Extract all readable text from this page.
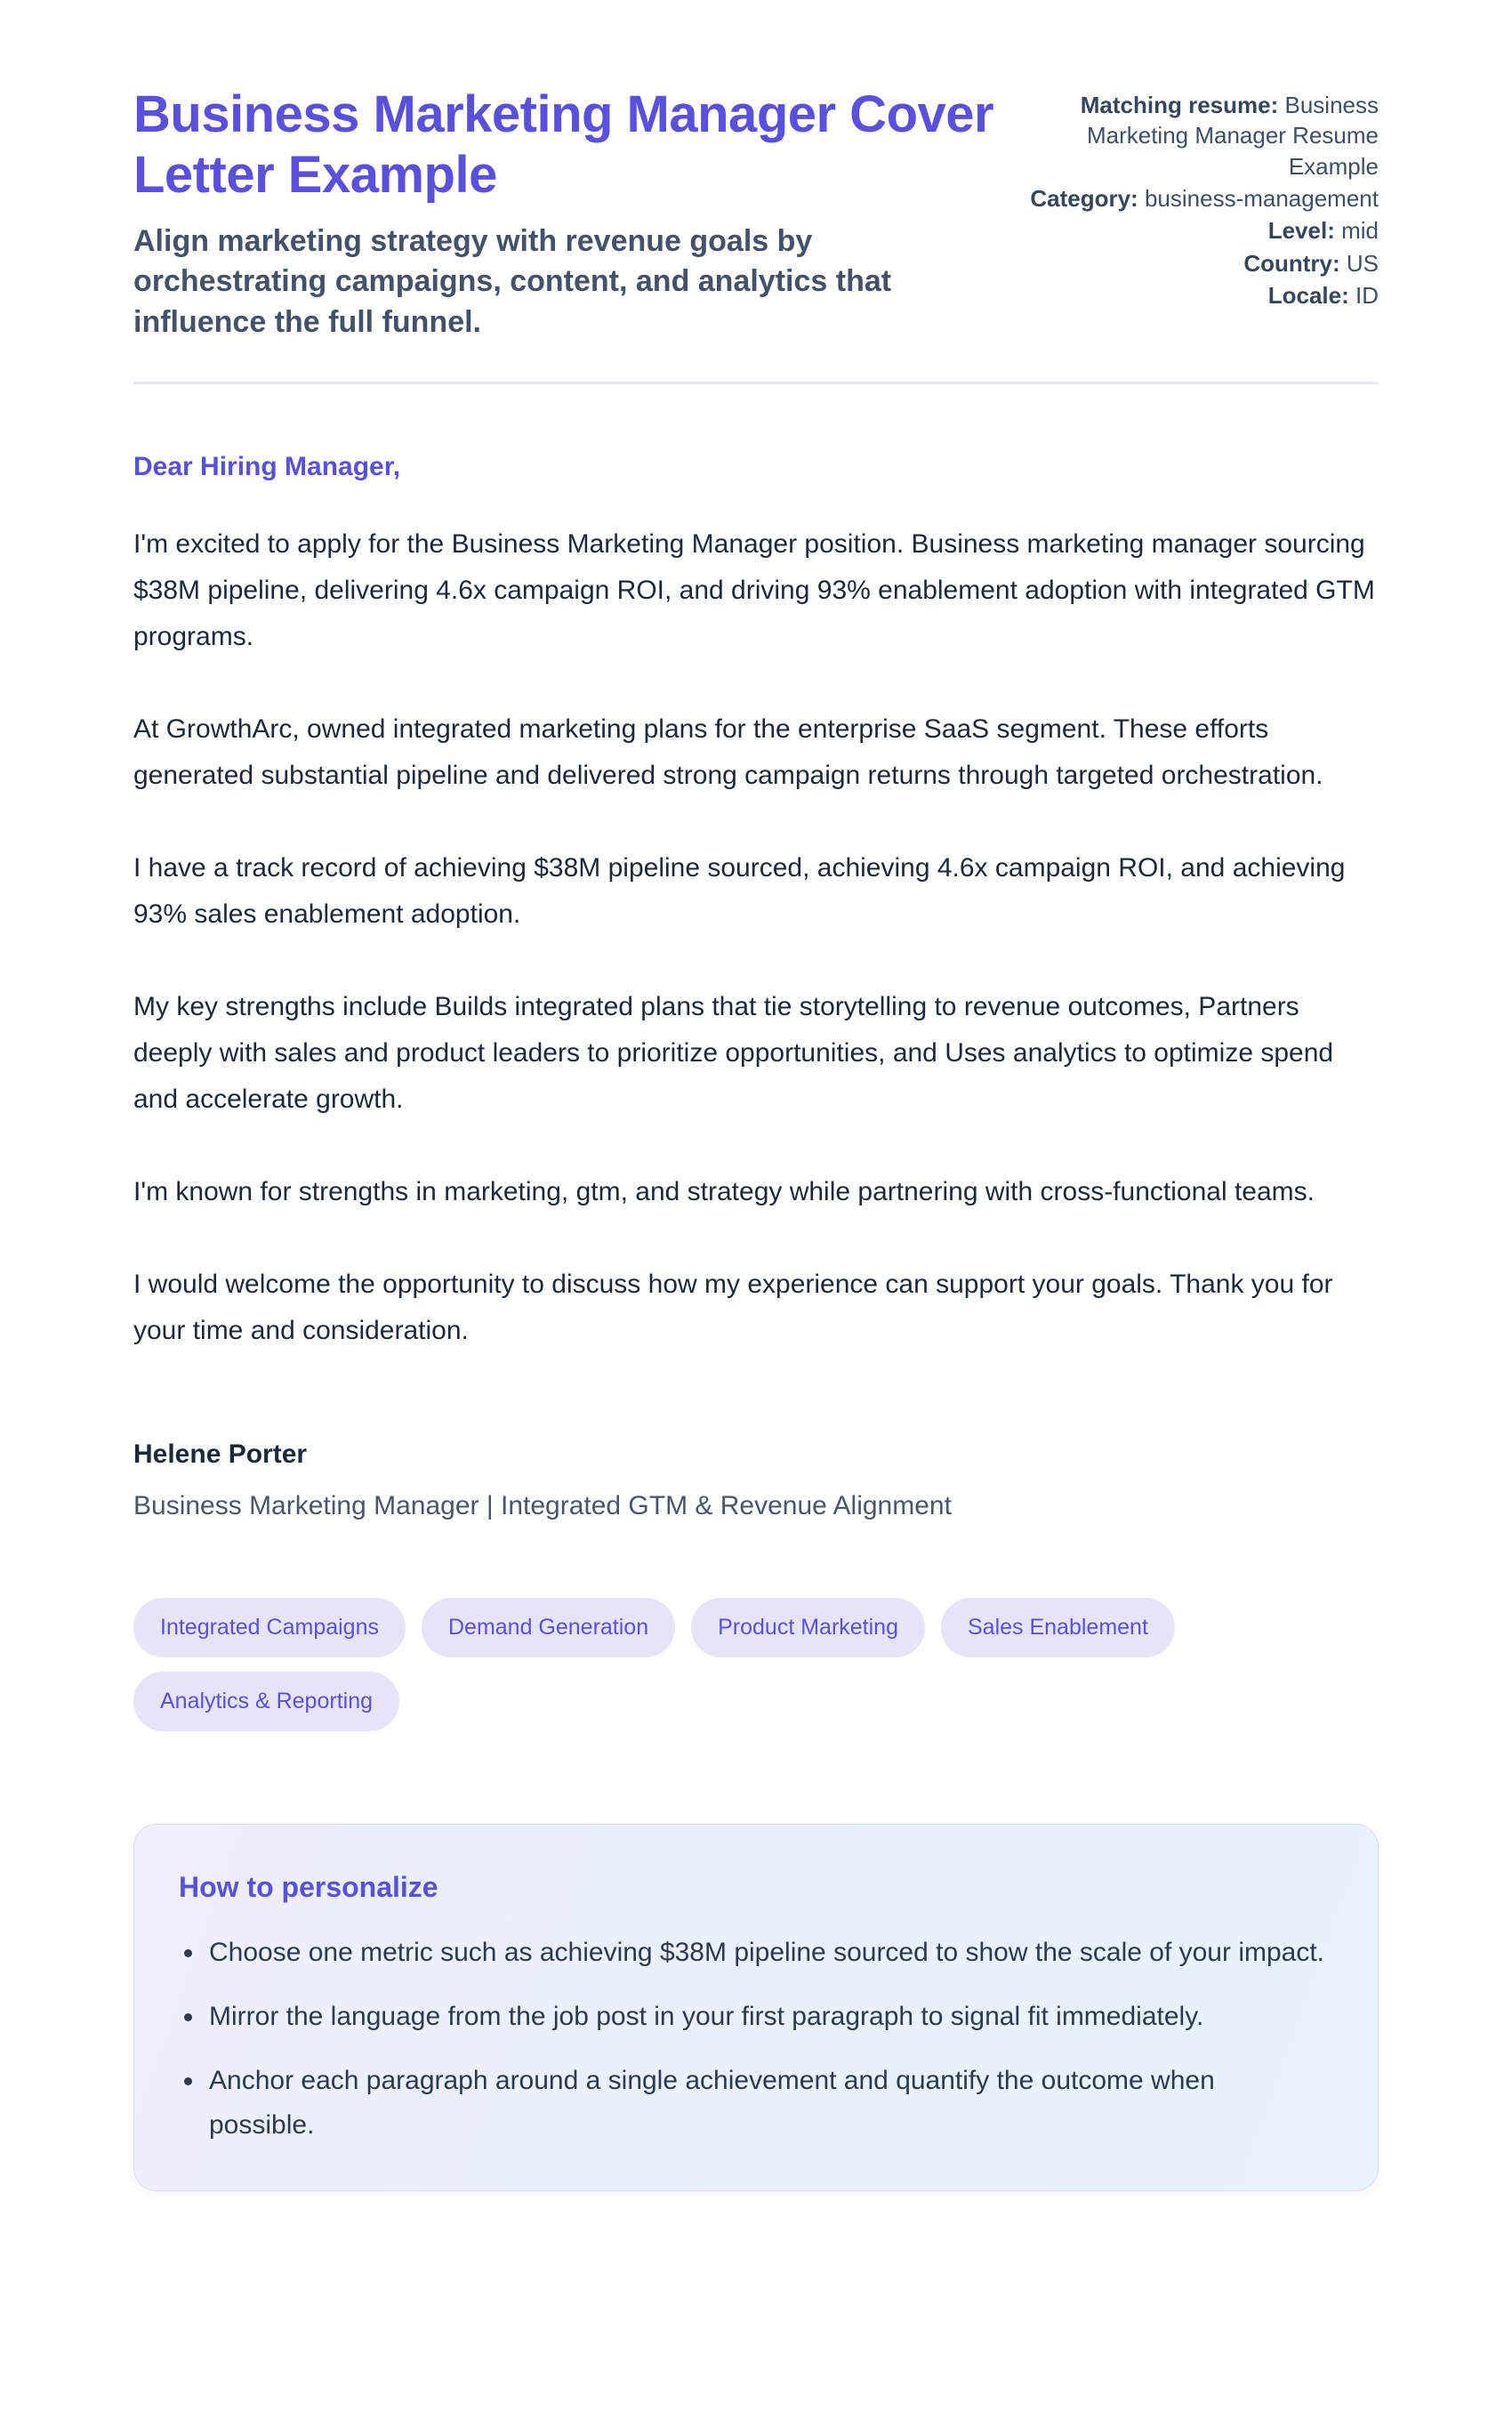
Business Marketing Manager Cover Letter Example
Align marketing strategy with revenue goals by orchestrating campaigns, content, and analytics that influence the full funnel.
Matching resume: Business Marketing Manager Resume Example
Category: business-management
Level: mid
Country: US
Locale: ID
Dear Hiring Manager,

I'm excited to apply for the Business Marketing Manager position. Business marketing manager sourcing $38M pipeline, delivering 4.6x campaign ROI, and driving 93% enablement adoption with integrated GTM programs.

At GrowthArc, owned integrated marketing plans for the enterprise SaaS segment. These efforts generated substantial pipeline and delivered strong campaign returns through targeted orchestration.

I have a track record of achieving $38M pipeline sourced, achieving 4.6x campaign ROI, and achieving 93% sales enablement adoption.

My key strengths include Builds integrated plans that tie storytelling to revenue outcomes, Partners deeply with sales and product leaders to prioritize opportunities, and Uses analytics to optimize spend and accelerate growth.

I'm known for strengths in marketing, gtm, and strategy while partnering with cross-functional teams.

I would welcome the opportunity to discuss how my experience can support your goals. Thank you for your time and consideration.

Helene Porter
Business Marketing Manager | Integrated GTM & Revenue Alignment
Integrated Campaigns	Demand Generation	Product Marketing	Sales Enablement
Analytics & Reporting
How to personalize
Choose one metric such as achieving $38M pipeline sourced to show the scale of your impact.
Mirror the language from the job post in your first paragraph to signal fit immediately.
Anchor each paragraph around a single achievement and quantify the outcome when possible.
